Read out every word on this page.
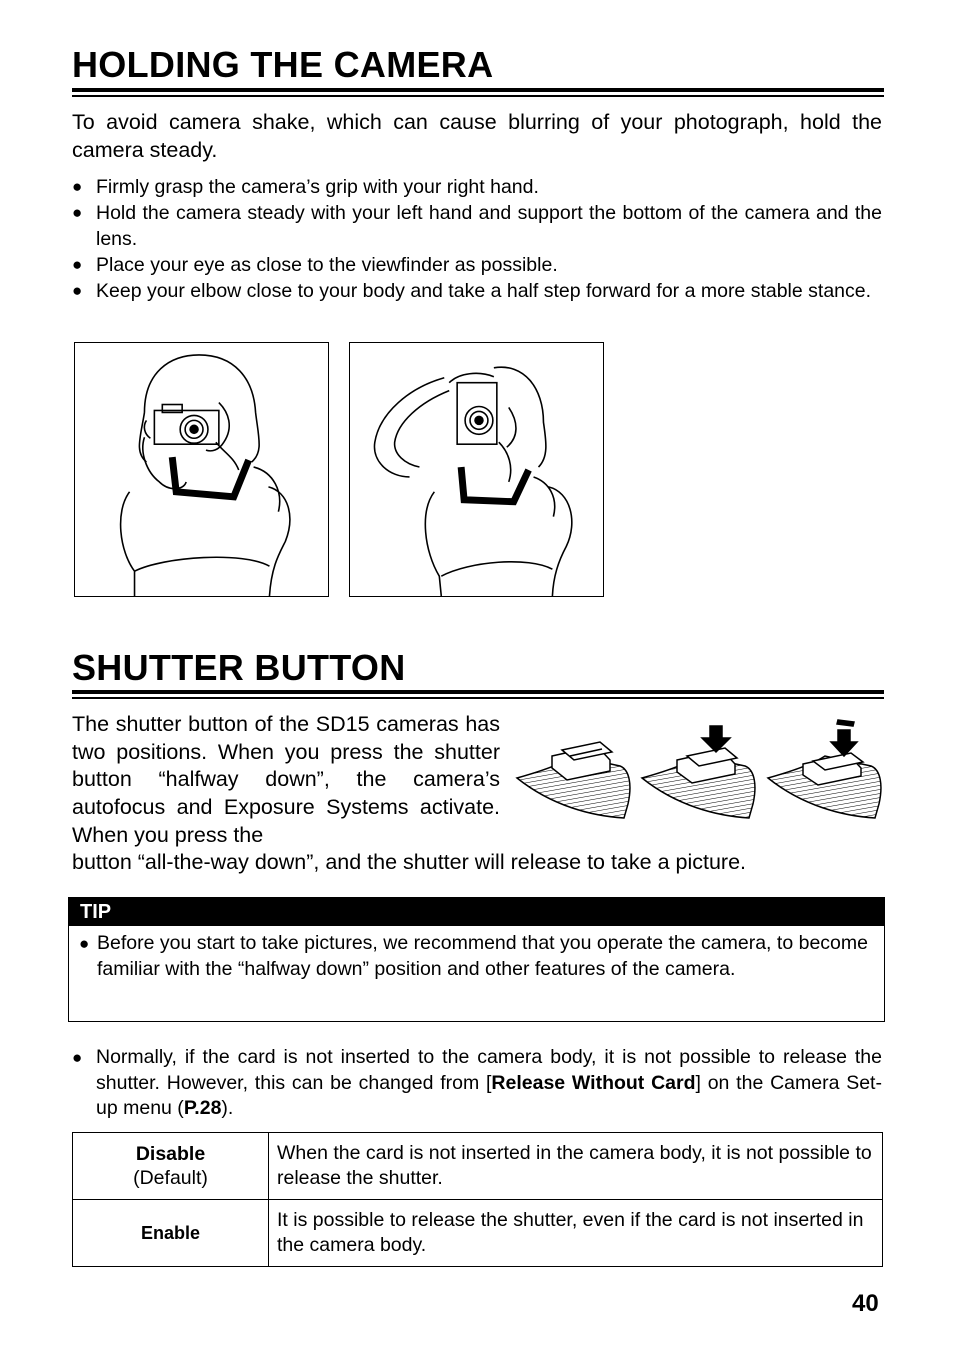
HOLDING THE CAMERA

To avoid camera shake, which can cause blurring of your photograph, hold the camera steady.

● Firmly grasp the camera’s grip with your right hand.
● Hold the camera steady with your left hand and support the bottom of the camera and the lens.
● Place your eye as close to the viewfinder as possible.
● Keep your elbow close to your body and take a half step forward for a more stable stance.
SHUTTER BUTTON

The shutter button of the SD15 cameras has two positions. When you press the shutter button “halfway down”, the camera’s autofocus and Exposure Systems activate. When you press the

button “all-the-way down”, and the shutter will release to take a picture.

TIP
● Before you start to take pictures, we recommend that you operate the camera, to become familiar with the “halfway down” position and other features of the camera.
● Normally, if the card is not inserted to the camera body, it is not possible to release the shutter. However, this can be changed from [Release Without Card] on the Camera Set-up menu (P.28).
Disable
(Default)	When the card is not inserted in the camera body, it is not possible to release the shutter.

Enable	It is possible to release the shutter, even if the card is not inserted in the camera body.
40
